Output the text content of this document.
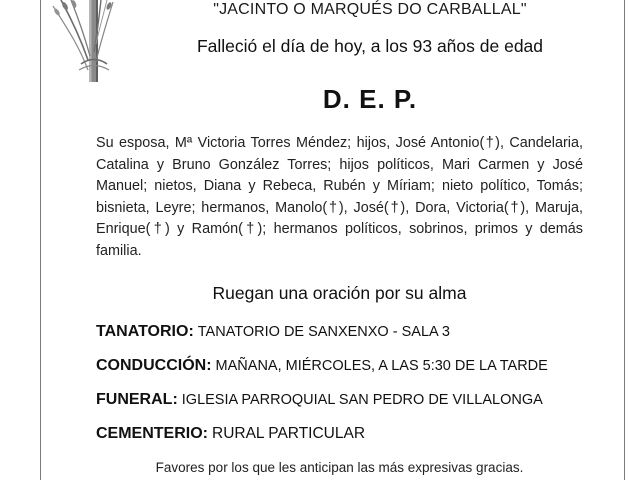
"JACINTO O MARQUÉS DO CARBALLAL"
Falleció el día de hoy, a los 93 años de edad
D. E. P.
Su esposa, Mª Victoria Torres Méndez; hijos, José Antonio(†), Candelaria, Catalina y Bruno González Torres; hijos políticos, Mari Carmen y José Manuel; nietos, Diana y Rebeca, Rubén y Míriam; nieto político, Tomás; bisnieta, Leyre; hermanos, Manolo(†), José(†), Dora, Victoria(†), Maruja, Enrique(†) y Ramón(†); hermanos políticos, sobrinos, primos y demás familia.
Ruegan una oración por su alma
TANATORIO: TANATORIO DE SANXENXO - SALA 3
CONDUCCIÓN: MAÑANA, MIÉRCOLES, A LAS 5:30 DE LA TARDE
FUNERAL: IGLESIA PARROQUIAL SAN PEDRO DE VILLALONGA
CEMENTERIO: RURAL PARTICULAR
Favores por los que les anticipan las más expresivas gracias.
